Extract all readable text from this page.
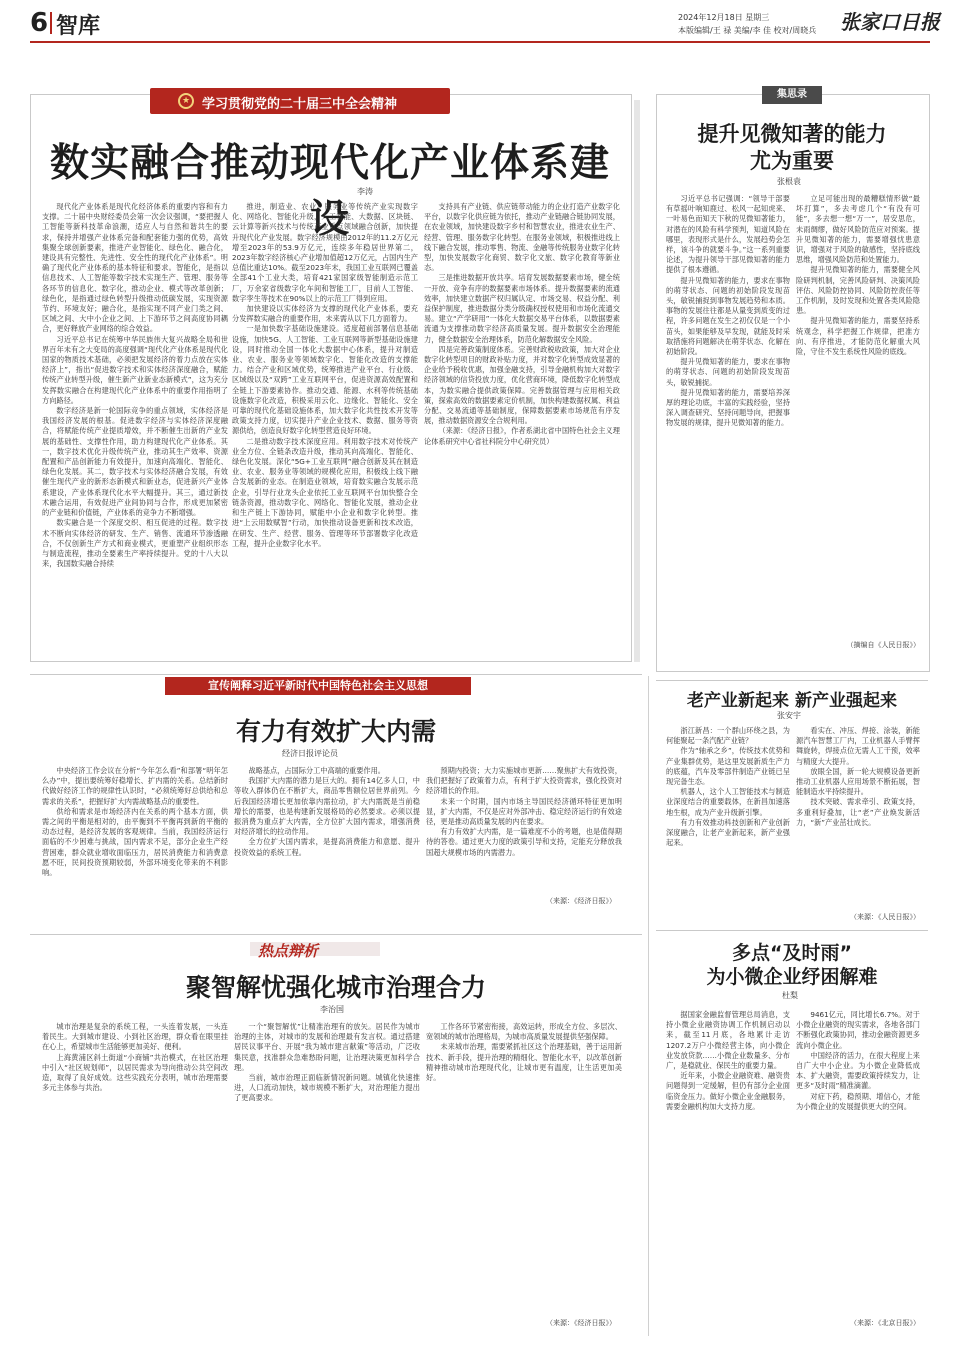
6 智库	2024年12月18日 星期三
本版编辑/王 禄 美编/李 佳 校对/周晓兵 张家口日报
★ 学习贯彻党的二十届三中全会精神
数实融合推动现代化产业体系建设
李涛

现代化产业体系是现代化经济体系的重要内容和有力支撑。二十届中央财经委员会第一次会议强调，“要把握人工智能等新科技革命浪潮，适应人与自然和谐共生的要求，保持并增强产业体系完备和配套能力强的优势，高效集聚全球创新要素，推进产业智能化、绿色化、融合化，建设具有完整性、先进性、安全性的现代化产业体系”。明确了现代化产业体系的基本特征和要求。智能化，是指以信息技术、人工智能等数字技术实现生产、管理、服务等各环节的信息化、数字化，推动企业、模式等改革创新；绿色化，是指通过绿色转型升级推动低碳发展，实现资源节约、环境友好；融合化，是指实现不同产业门类之间、区域之间、大中小企业之间、上下游环节之间高度协同耦合，更好释放产业网络的综合效益。

习近平总书记在统筹中华民族伟大复兴战略全局和世界百年未有之大变局的高度强调“现代化产业体系是现代化国家的物质技术基础，必须把发展经济的着力点放在实体经济上”，指出“促进数字技术和实体经济深度融合，赋能传统产业转型升级，催生新产业新业态新模式”，这为充分发挥数实融合在构建现代化产业体系中的重要作用指明了方向路径。

数字经济是新一轮国际竞争的重点领域，实体经济是我国经济发展的根基。促进数字经济与实体经济深度融合，将赋能传统产业提质增效，并不断催生出新的产业发展的基础性、支撑性作用，助力构建现代化产业体系。其一，数字技术优化升级传统产业，推动其生产效率、资源配置和产品创新能力有效提升，加速向高端化、智能化、绿色化发展。其二，数字技术与实体经济融合发展，有效催生现代产业的新形态新模式和新业态，促进新兴产业体系建设，产业体系现代化水平大幅提升。其三，通过新技术融合运用，有效促进产业间协同与合作，形成更加紧密的产业链和价值链，产业体系的竞争力不断增强。

数实融合是一个深度交织、相互促进的过程。数字技术不断向实体经济的研发、生产、销售、流通环节渗透融合，不仅创新生产方式和商业模式，更重塑产业组织形态与制造流程，推动全要素生产率持续提升。党的十八大以来，我国数实融合持续

推进，制造业、农业、服务业等传统产业实现数字化、网络化、智能化升级，人工智能、大数据、区块链、云计算等新兴技术与传统产业重点领域融合创新，加快提升现代化产业发展。数字经济规模由2012年的11.2万亿元增至2023年的53.9万亿元，连续多年稳居世界第二，2023年数字经济核心产业增加值超12万亿元，占国内生产总值比重达10%。截至2023年末，我国工业互联网已覆盖全部41个工业大类，培育421家国家级智能制造示范工厂，万余家省级数字化车间和智能工厂，目前人工智能、数字孪生等技术在90%以上的示范工厂得到应用。

加快建设以实体经济为支撑的现代化产业体系，要充分发挥数实融合的重要作用，未来需从以下几方面着力。

一是加快数字基础设施建设。适度超前部署信息基础设施，加快5G、人工智能、工业互联网等新型基础设施建设，同时推动全国一体化大数据中心体系，提升对制造业、农业、服务业等领域数字化、智能化改造的支撑能力。结合产业和区域优势，统筹推进产业平台、行业级、区域级以及“双跨”工业互联网平台，促进资源高效配置和全链上下游要素协作。推动交通、能源、水利等传统基础设施数字化改造，积极采用云化、边缘化、智能化、安全可靠的现代化基础设施体系，加大数字化共性技术开发等政策支持力度，切实提升产业企业技术、数据、服务等资源供给，创造良好数字化转型营造良好环境。

二是推动数字技术深度应用。利用数字技术对传统产业全方位、全链条改造升级，推动其向高端化、智能化、绿色化发展。深化“5G+工业互联网”融合创新及其在制造业、农业、服务业等领域的规模化应用，积极线上线下融合发展新的业态。在制造业领域，培育数实融合发展示范企业，引导行业龙头企业依托工业互联网平台加快整合全链条资源，推动数字化、网络化、智能化发展，推动企业和生产链上下游协同，赋能中小企业和数字化转型。推进“上云用数赋智”行动，加快推动设备更新和技术改造，在研发、生产、经营、服务、管理等环节部署数字化改造工程，提升企业数字化水平。

支持具有产业链、供应链带动能力的企业打造产业数字化平台，以数字化供应链为依托，推动产业链融合链协同发展，在农业领域，加快建设数字乡村和智慧农业，推进农业生产、经营、管理、服务数字化转型。在服务业领域，积极推进线上线下融合发展，推动零售、物流、金融等传统服务业数字化转型，加快发展数字化商贸、数字化文旅、数字化教育等新业态。

三是推进数据开放共享。培育发展数据要素市场，健全统一开放、竞争有序的数据要素市场体系。提升数据要素的流通效率，加快建立数据产权归属认定、市场交易、权益分配、利益保护制度，推进数据分类分级确权授权使用和市场化流通交易。建立“产学研用”一体化大数据交易平台体系，以数据要素流通为支撑推动数字经济高质量发展。提升数据安全治理能力，健全数据安全治理体系，防范化解数据安全风险。

四是完善政策制度体系。完善财政税收政策，加大对企业数字化转型项目的财政补贴力度，并对数字化转型成效显著的企业给予税收优惠，加强金融支持，引导金融机构加大对数字经济领域的信贷投放力度，优化营商环境，降低数字化转型成本，为数实融合提供政策保障。完善数据管理与应用相关政策，探索高效的数据要素定价机制，加快构建数据权属、利益分配、交易流通等基础制度，保障数据要素市场规范有序发展，推动数据资源安全合规利用。

（来源：《经济日报》，作者系湖北省中国特色社会主义理论体系研究中心省社科院分中心研究员）

集思录
提升见微知著的能力
尤为重要
张根袁

习近平总书记强调：“领导干部要有草摇叶响知鹿过、松风一起知虎来、一叶易色而知天下秋的见微知著能力，对潜在的风险有科学预判，知道风险在哪里，表现形式是什么，发展趋势会怎样，该斗争的就要斗争。”这一系列重要论述，为提升领导干部见微知著的能力提供了根本遵循。

提升见微知著的能力，要求在事物的萌芽状态、问题的初始阶段发现苗头，敏锐捕捉到事物发展趋势和本质。事物的发展往往都是从量变到质变的过程，许多问题在发生之初仅仅是一个小苗头，如果能够及早发现，就能及时采取措施将问题解决在萌芽状态、化解在初始阶段。

提升见微知著的能力，要求在事物的萌芽状态、问题的初始阶段发现苗头，敏锐捕捉。

提升见微知著的能力，需要培养深厚的理论功底，丰富的实践经验，坚持深入调查研究、坚持问题导向，把握事物发展的规律，提升见微知著的能力。

立足可能出现的最糟糕情形做“最坏打算”，多去考虑几个“有没有可能”，多去想一想“万一”，居安思危，未雨绸缪，做好风险防范应对预案。提升见微知著的能力，需要增强忧患意识，增强对于风险的敏感性，坚持底线思维，增强风险防范和处置能力。

提升见微知著的能力，需要健全风险研判机制，完善风险研判、决策风险评估、风险防控协同、风险防控责任等工作机制，及时发现和处置各类风险隐患。

提升见微知著的能力，需要坚持系统观念，科学把握工作规律，把准方向、有序推进，才能防范化解重大风险，守住不发生系统性风险的底线。

（摘编自《人民日报》）
老产业新起来 新产业强起来
张安宇

浙江新昌：一个群山环绕之县，为何能聚起一条汽配产业链？

作为“轴承之乡”，传统技术优势和产业集群优势，是这里发展新质生产力的底蕴，汽车及零部件制造产业链已呈现完备生态。

机器人，这个人工智能技术与制造业深度结合的重要载体，在新昌加速落地生根，成为产业升级新引擎。

有力有效推动科技创新和产业创新深度融合，让老产业新起来，新产业强起来。

看实在、冲压、焊接、涂装，新能源汽车智慧工厂内，工业机器人手臂挥舞旋转，焊接点位无需人工干预，效率与精度大大提升。

放眼全国，新一轮大规模设备更新推动工业机器人应用场景不断拓展，智能制造水平持续提升。

技术突破、需求牵引、政策支持，多重利好叠加，让“老”产业焕发新活力，“新”产业茁壮成长。

（来源：《人民日报》）
宣传阐释习近平新时代中国特色社会主义思想
有力有效扩大内需
经济日报评论员

中央经济工作会议在分析“今年怎么看”和部署“明年怎么办”中，提出要统筹好稳增长、扩内需的关系。总结新时代做好经济工作的规律性认识时，“必须统筹好总供给和总需求的关系”，把握好扩大内需战略基点的重要性。

供给和需求是市场经济内在关系的两个基本方面，供需之间的平衡是相对的，由平衡到不平衡再到新的平衡的动态过程，是经济发展的客观规律。当前，我国经济运行面临的不少困难与挑战，国内需求不足，部分企业生产经营困难，群众就业增收面临压力，居民消费能力和消费意愿不旺，民间投资预期较弱，外部环境变化带来的不利影响。

战略基点，占国际分工中高端的重要作用。

我国扩大内需的潜力是巨大的。拥有14亿多人口，中等收入群体仍在不断扩大，商品零售额位居世界前列。今后我国经济增长更加依靠内需拉动，扩大内需既是当前稳增长的需要，也是构建新发展格局的必然要求。必须以提振消费为重点扩大内需，全方位扩大国内需求，增强消费对经济增长的拉动作用。

全方位扩大国内需求，是提高消费能力和意愿、提升投资效益的系统工程。

预期内投资；大力实施城市更新……聚焦扩大有效投资，我们把握好了政策着力点，有利于扩大投资需求，强化投资对经济增长的作用。

未来一个时期，国内市场主导国民经济循环特征更加明显，扩大内需，不仅是应对外部冲击、稳定经济运行的有效途径，更是推动高质量发展的内在要求。

有力有效扩大内需，是一篇难度不小的考题，也是值得期待的答卷。通过更大力度的政策引导和支持，定能充分释放我国超大规模市场的内需潜力。

（来源：《经济日报》）
热点辩析
聚智解忧强化城市治理合力
李治国

城市治理是复杂的系统工程，一头连着发展，一头连着民生。大到城市建设、小到社区治理，群众看在眼里挂在心上，希望城市生活能够更加美好、便利。

上海黄浦区斜土街道“小商铺”共治模式，在社区治理中引入“社区规划师”，以居民需求为导向推动公共空间改造，取得了良好成效。这些实践充分表明，城市治理需要多元主体参与共治。

一个“聚智解忧”让精准治理有的放矢。居民作为城市治理的主体，对城市的发展和治理最有发言权。通过搭建居民议事平台、开展“我为城市建言献策”等活动，广泛收集民意，找准群众急难愁盼问题，让治理决策更加科学合理。

当前，城市治理正面临新情况新问题。城镇化快速推进，人口流动加快，城市规模不断扩大，对治理能力提出了更高要求。

工作各环节紧密衔接，高效运转，形成全方位、多层次、宽领域的城市治理格局，为城市高质量发展提供坚强保障。

未来城市治理，需要紧抓社区这个治理基础，善于运用新技术、新手段，提升治理的精细化、智能化水平，以改革创新精神推动城市治理现代化，让城市更有温度，让生活更加美好。

（来源：《经济日报》）
多点“及时雨”
为小微企业纾困解难
杜梨

据国家金融监督管理总局消息，支持小微企业融资协调工作机制启动以来，截至11月底，各地累计走访1207.2万户小微经营主体，向小微企业发放贷款……小微企业数量多、分布广，是稳就业、保民生的重要力量。

近年来，小微企业融资难、融资贵问题得到一定缓解，但仍有部分企业面临资金压力。做好小微企业金融服务，需要金融机构加大支持力度。

9461亿元，同比增长6.7%。对于小微企业融资的现实需求，各地各部门不断强化政策协同，推动金融资源更多流向小微企业。

中国经济的活力，在很大程度上来自广大中小企业。为小微企业降低成本、扩大融资，需要政策持续发力，让更多“及时雨”精准滴灌。

对症下药，稳预期、增信心，才能为小微企业的发展提供更大的空间。

（来源：《北京日报》）
